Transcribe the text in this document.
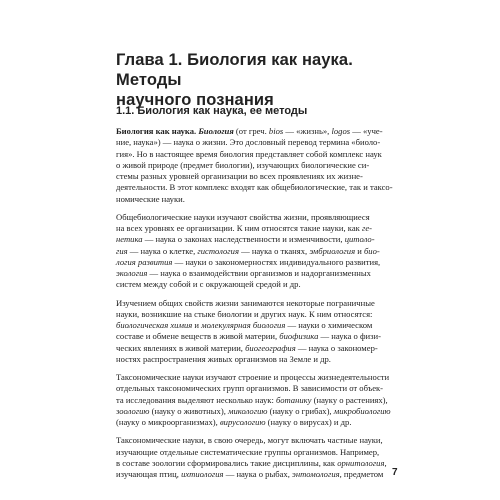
Глава 1. Биология как наука. Методы
научного познания
1.1. Биология как наука, ее методы

Биология как наука. Биология (от греч. bios — «жизнь», logos — «уче-
ние, наука») — наука о жизни. Это дословный перевод термина «биоло-
гия». Но в настоящее время биология представляет собой комплекс наук
о живой природе (предмет биологии), изучающих биологические си-
стемы разных уровней организации во всех проявлениях их жизне-
деятельности. В этот комплекс входят как общебиологические, так и таксо-
номические науки.

Общебиологические науки изучают свойства жизни, проявляющиеся
на всех уровнях ее организации. К ним относятся такие науки, как ге-
нетика — наука о законах наследственности и изменчивости, цитоло-
гия — наука о клетке, гистология — наука о тканях, эмбриология и био-
логия развития — науки о закономерностях индивидуального развития,
экология — наука о взаимодействии организмов и надорганизменных
систем между собой и с окружающей средой и др.

Изучением общих свойств жизни занимаются некоторые пограничные
науки, возникшие на стыке биологии и других наук. К ним относятся:
биологическая химия и молекулярная биология — науки о химическом
составе и обмене веществ в живой материи, биофизика — наука о физи-
ческих явлениях в живой материи, биогеография — наука о закономер-
ностях распространения живых организмов на Земле и др.

Таксономические науки изучают строение и процессы жизнедеятельности
отдельных таксономических групп организмов. В зависимости от объек-
та исследования выделяют несколько наук: ботанику (науку о растениях),
зоологию (науку о животных), микологию (науку о грибах), микробиологию
(науку о микроорганизмах), вирусологию (науку о вирусах) и др.

Таксономические науки, в свою очередь, могут включать частные науки,
изучающие отдельные систематические группы организмов. Например,
в составе зоологии сформировались такие дисциплины, как орнитология,
изучающая птиц, ихтиология — наука о рыбах, энтомология, предметом 7
